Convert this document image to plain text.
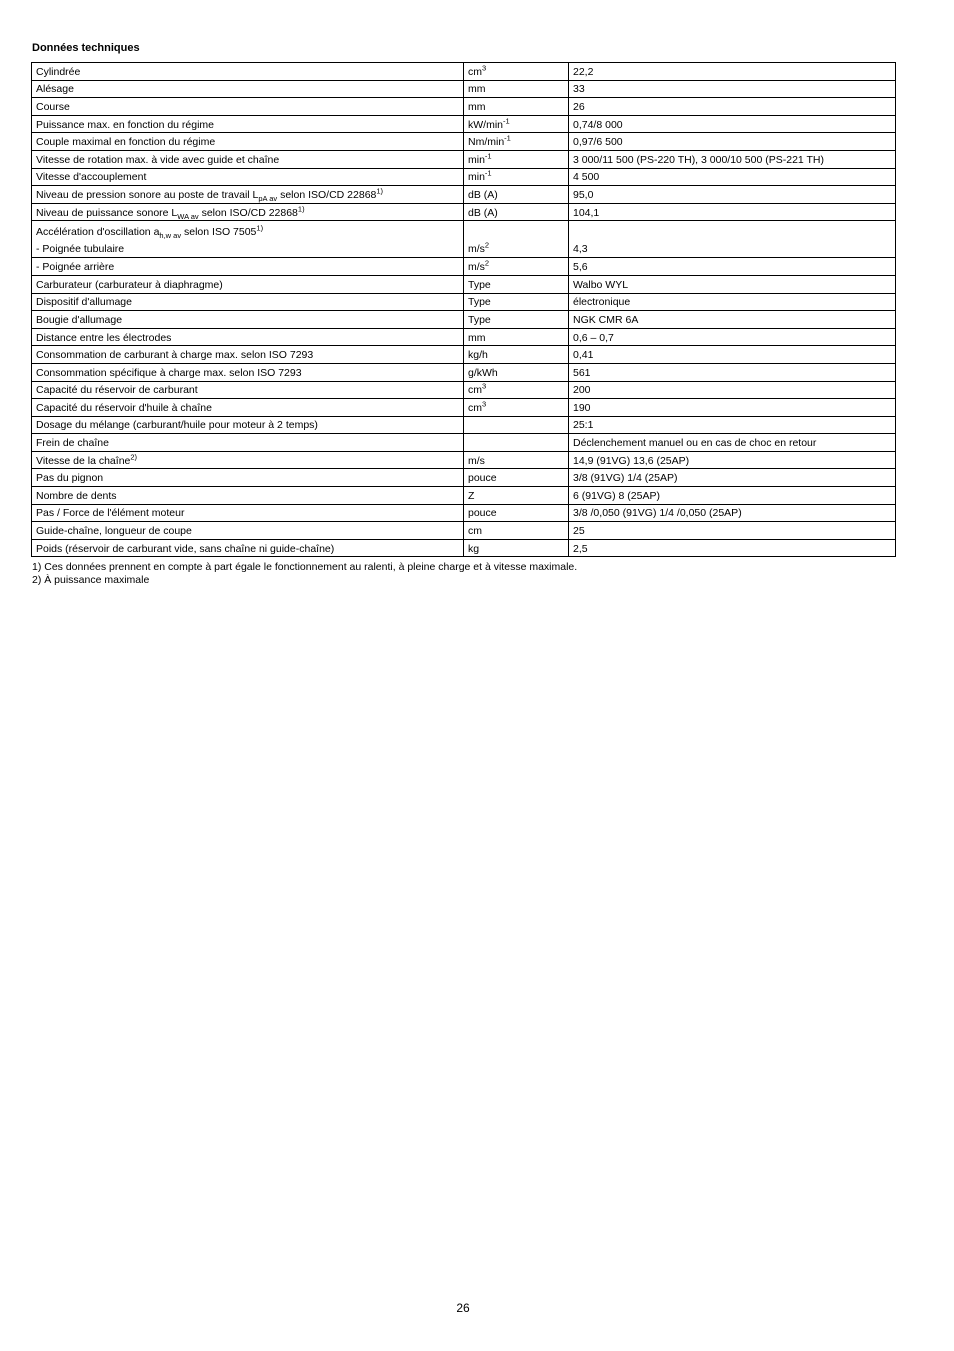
Données techniques
Cylindrée	$cm^3$	22,2
Alésage	mm	33
Course	mm	26
Puissance max. en fonction du régime	$kW/\min^{-1}$	0,74/8 000
Couple maximal en fonction du régime	$Nm/\min^{-1}$	0,97/6 500
Vitesse de rotation max. à vide avec guide et chaîne	$\min^{-1}$	3 000/11 500 (PS-220 TH), 3 000/10 500 (PS-221 TH)
Vitesse d'accouplement	$\min^{-1}$	4 500
Niveau de pression sonore au poste de travail $L_{pA av}$ selon ISO/CD 22868$^{1)}$	dB (A)	95,0
Niveau de puissance sonore $L_{WA av}$ selon ISO/CD 22868$^{1)}$	dB (A)	104,1

Accélération d'oscillation $a_{h,w av}$ selon ISO 7505$^{1)}$
- Poignée tubulaire	$m/s^2$	4,3
- Poignée arrière	$m/s^2$	5,6
Carburateur (carburateur à diaphragme)	Type	Walbo WYL
Dispositif d'allumage	Type	électronique
Bougie d'allumage	Type	NGK CMR 6A
Distance entre les électrodes	mm	0,6 – 0,7
Consommation de carburant à charge max. selon ISO 7293	kg/h	0,41
Consommation spécifique à charge max. selon ISO 7293	g/kWh	561
Capacité du réservoir de carburant	$cm^3$	200
Capacité du réservoir d'huile à chaîne	$cm^3$	190
Dosage du mélange (carburant/huile pour moteur à 2 temps)		25:1
Frein de chaîne		Déclenchement manuel ou en cas de choc en retour
Vitesse de la chaîne$^{2)}$	m/s	14,9 (91VG) 13,6 (25AP)
Pas du pignon	pouce	3/8 (91VG) 1/4 (25AP)
Nombre de dents	Z	6 (91VG) 8 (25AP)
Pas / Force de l'élément moteur	pouce	3/8 /0,050 (91VG) 1/4 /0,050 (25AP)
Guide-chaîne, longueur de coupe	cm	25
Poids (réservoir de carburant vide, sans chaîne ni guide-chaîne)	kg	2,5
1) Ces données prennent en compte à part égale le fonctionnement au ralenti, à pleine charge et à vitesse maximale.
2) À puissance maximale
26
